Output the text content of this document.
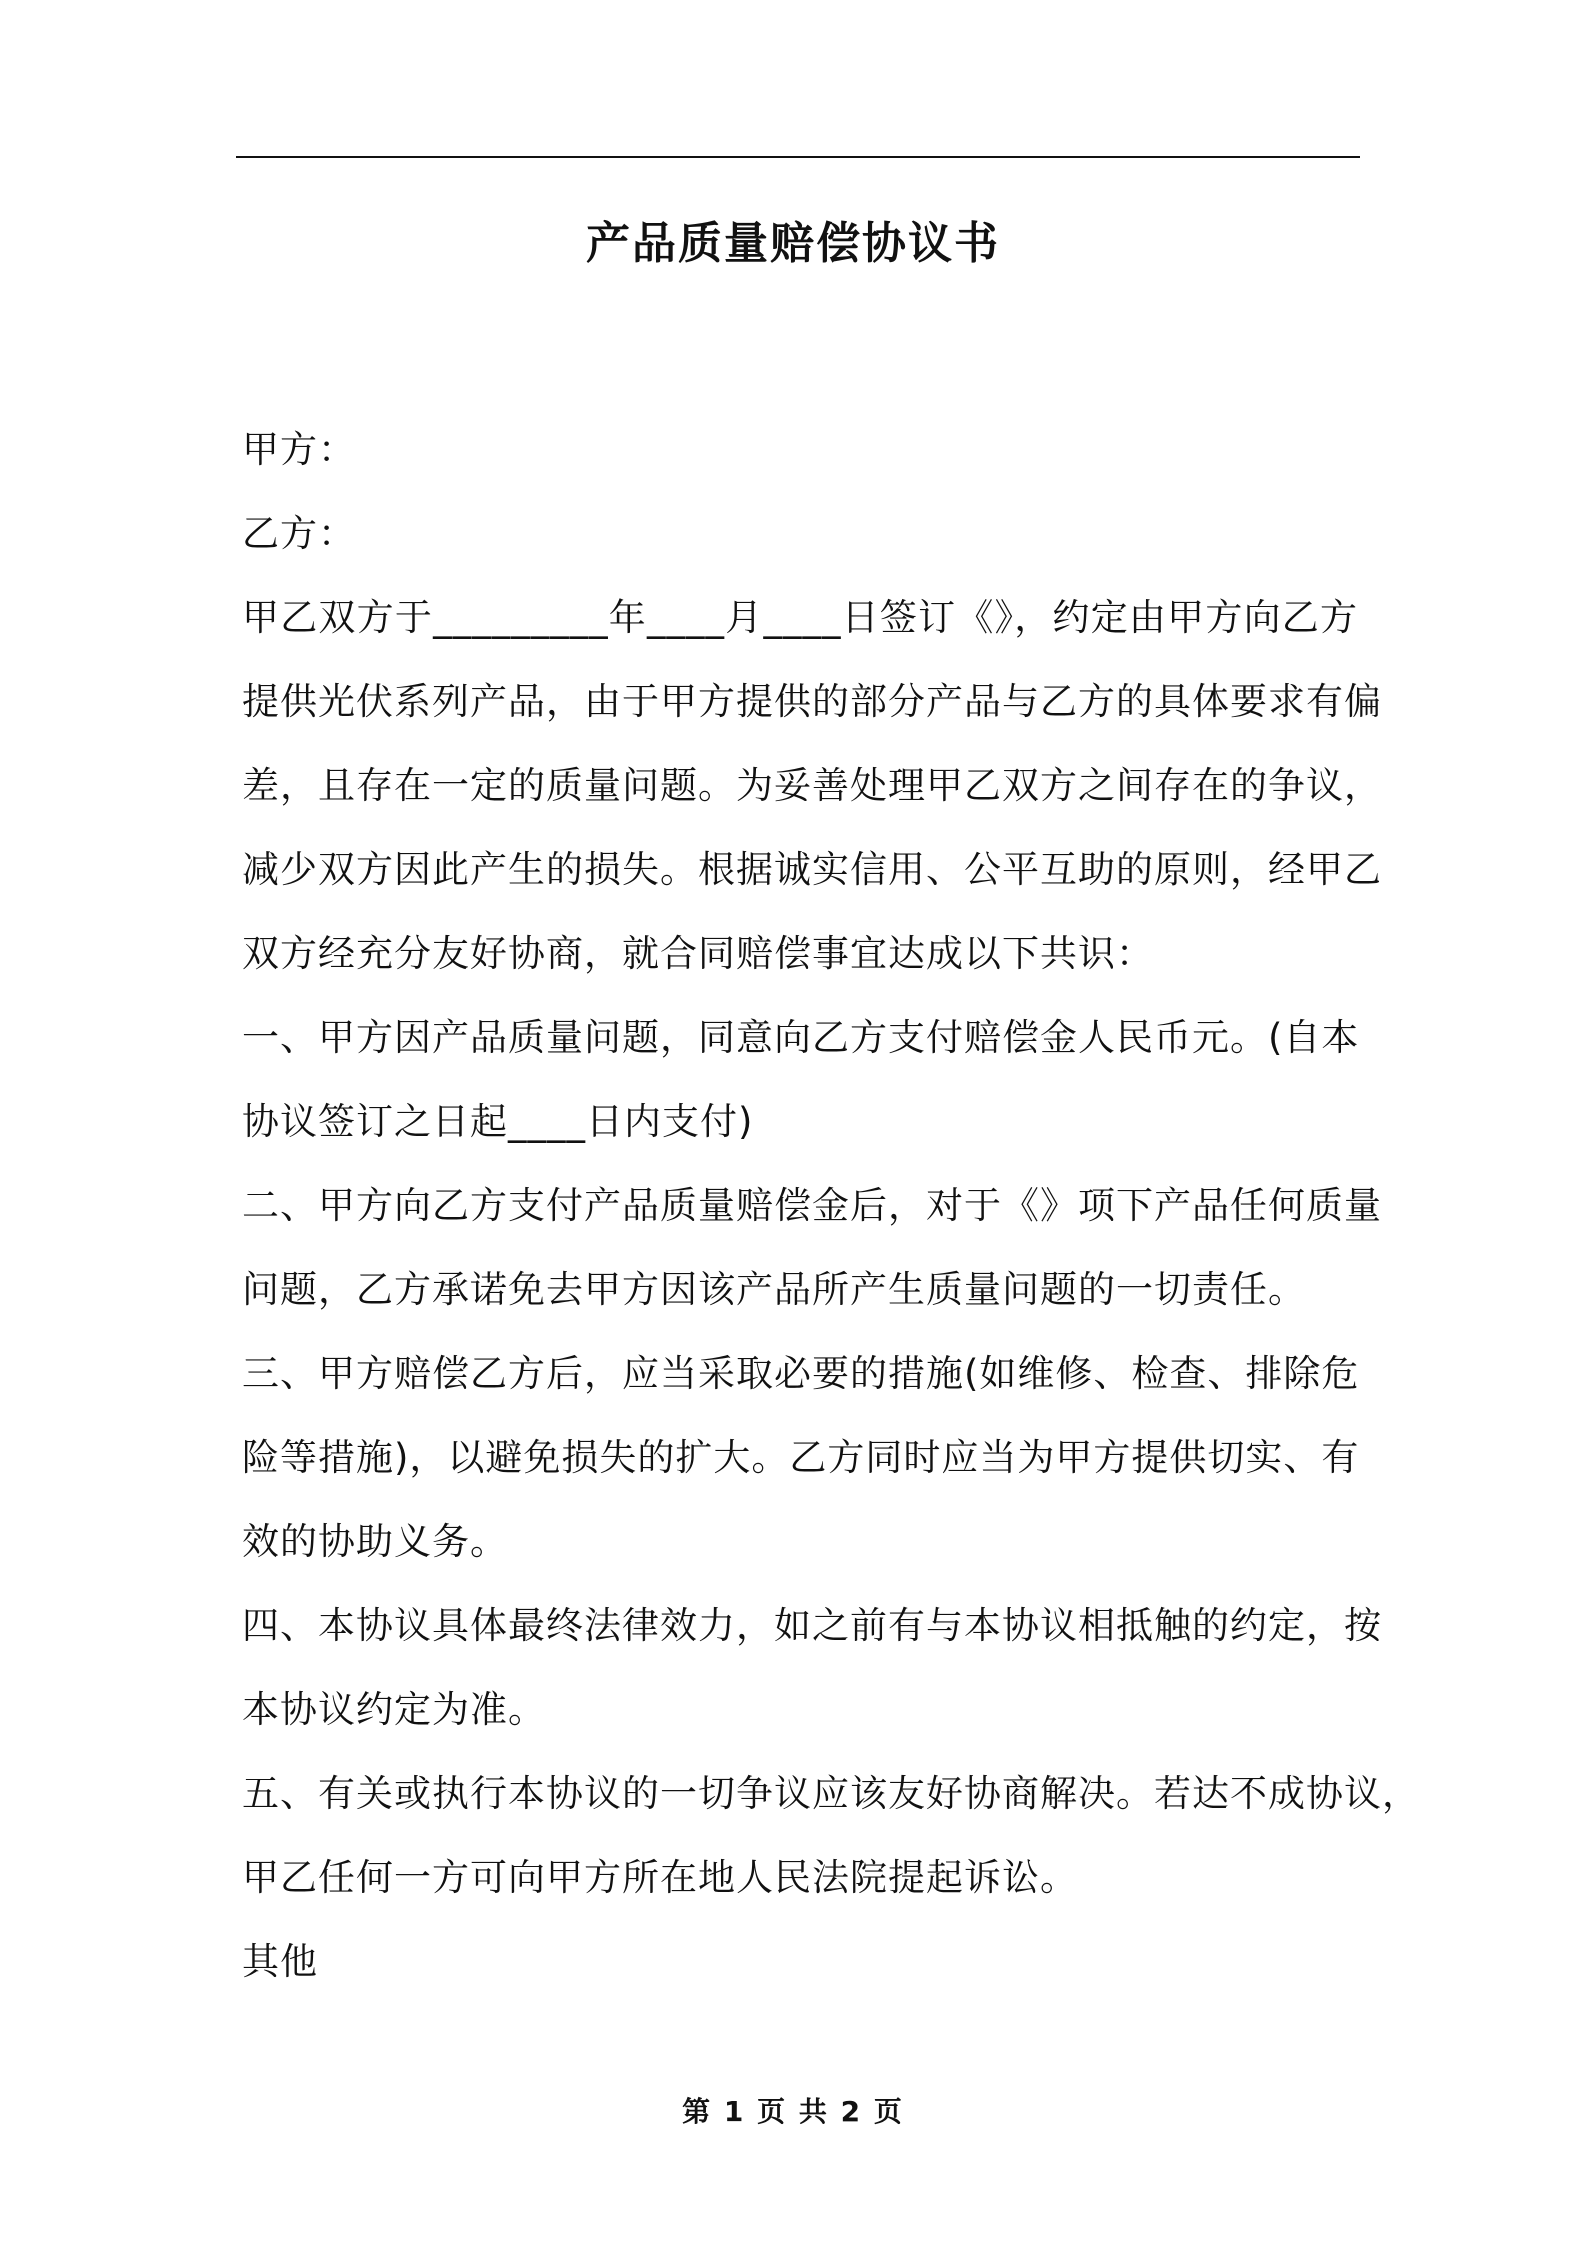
产品质量赔偿协议书
甲方：
乙方：
甲乙双方于_________年____月____日签订《》，约定由甲方向乙方
提供光伏系列产品，由于甲方提供的部分产品与乙方的具体要求有偏
差，且存在一定的质量问题。为妥善处理甲乙双方之间存在的争议，
减少双方因此产生的损失。根据诚实信用、公平互助的原则，经甲乙
双方经充分友好协商，就合同赔偿事宜达成以下共识：
一、甲方因产品质量问题，同意向乙方支付赔偿金人民币元。(自本
协议签订之日起____日内支付)
二、甲方向乙方支付产品质量赔偿金后，对于《》项下产品任何质量
问题，乙方承诺免去甲方因该产品所产生质量问题的一切责任。
三、甲方赔偿乙方后，应当采取必要的措施(如维修、检查、排除危
险等措施)，以避免损失的扩大。乙方同时应当为甲方提供切实、有
效的协助义务。
四、本协议具体最终法律效力，如之前有与本协议相抵触的约定，按
本协议约定为准。
五、有关或执行本协议的一切争议应该友好协商解决。若达不成协议，
甲乙任何一方可向甲方所在地人民法院提起诉讼。
其他
第 1 页 共 2 页
